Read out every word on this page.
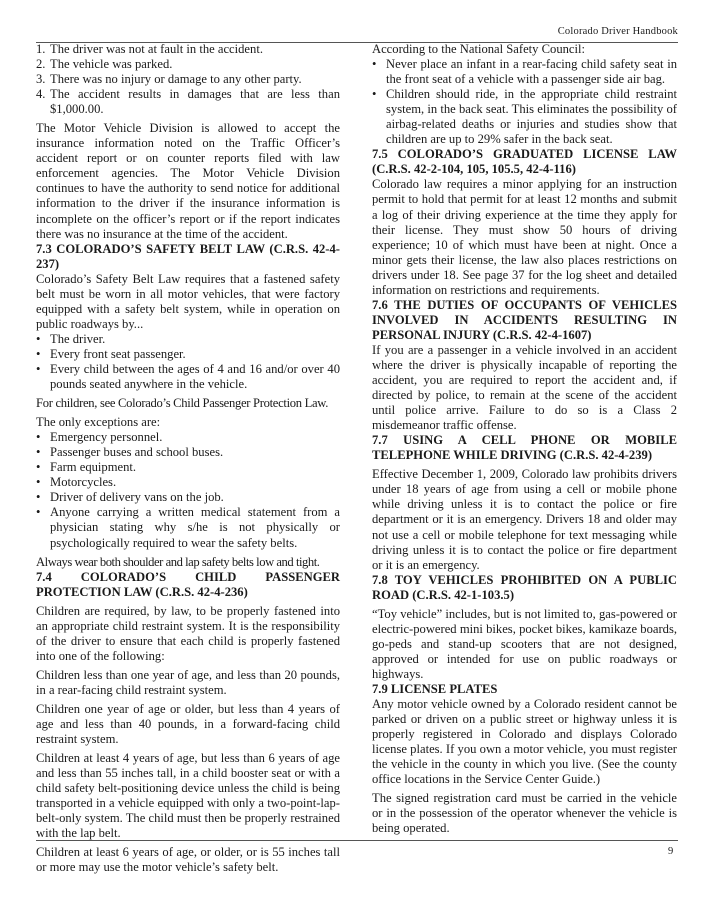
Colorado Driver Handbook
1. The driver was not at fault in the accident.
2. The vehicle was parked.
3. There was no injury or damage to any other party.
4. The accident results in damages that are less than $1,000.00.

The Motor Vehicle Division is allowed to accept the insurance information noted on the Traffic Officer’s accident report or on counter reports filed with law enforcement agencies. The Motor Vehicle Division continues to have the authority to send notice for additional information to the driver if the insurance information is incomplete on the officer’s report or if the report indicates there was no insurance at the time of the accident.

7.3 COLORADO’S SAFETY BELT LAW (C.R.S. 42-4-237)

Colorado’s Safety Belt Law requires that a fastened safety belt must be worn in all motor vehicles, that were factory equipped with a safety belt system, while in operation on public roadways by...

• The driver.
• Every front seat passenger.
• Every child between the ages of 4 and 16 and/or over 40 pounds seated anywhere in the vehicle.

For children, see Colorado’s Child Passenger Protection Law.

The only exceptions are:

• Emergency personnel.
• Passenger buses and school buses.
• Farm equipment.
• Motorcycles.
• Driver of delivery vans on the job.
• Anyone carrying a written medical statement from a physician stating why s/he is not physically or psychologically required to wear the safety belts.

Always wear both shoulder and lap safety belts low and tight.

7.4 COLORADO’S CHILD PASSENGER PROTECTION LAW (C.R.S. 42-4-236)

Children are required, by law, to be properly fastened into an appropriate child restraint system. It is the responsibility of the driver to ensure that each child is properly fastened into one of the following:

Children less than one year of age, and less than 20 pounds, in a rear-facing child restraint system.

Children one year of age or older, but less than 4 years of age and less than 40 pounds, in a forward-facing child restraint system.

Children at least 4 years of age, but less than 6 years of age and less than 55 inches tall, in a child booster seat or with a child safety belt-positioning device unless the child is being transported in a vehicle equipped with only a two-point-lap-belt-only system. The child must then be properly restrained with the lap belt.

Children at least 6 years of age, or older, or is 55 inches tall or more may use the motor vehicle’s safety belt.

According to the National Safety Council:

• Never place an infant in a rear-facing child safety seat in the front seat of a vehicle with a passenger side air bag.
• Children should ride, in the appropriate child restraint system, in the back seat. This eliminates the possibility of airbag-related deaths or injuries and studies show that children are up to 29% safer in the back seat.

7.5 COLORADO’S GRADUATED LICENSE LAW (C.R.S. 42-2-104, 105, 105.5, 42-4-116)

Colorado law requires a minor applying for an instruction permit to hold that permit for at least 12 months and submit a log of their driving experience at the time they apply for their license. They must show 50 hours of driving experience; 10 of which must have been at night. Once a minor gets their license, the law also places restrictions on drivers under 18. See page 37 for the log sheet and detailed information on restrictions and requirements.

7.6 THE DUTIES OF OCCUPANTS OF VEHICLES INVOLVED IN ACCIDENTS RESULTING IN PERSONAL INJURY (C.R.S. 42-4-1607)

If you are a passenger in a vehicle involved in an accident where the driver is physically incapable of reporting the accident, you are required to report the accident and, if directed by police, to remain at the scene of the accident until police arrive. Failure to do so is a Class 2 misdemeanor traffic offense.

7.7 USING A CELL PHONE OR MOBILE TELEPHONE WHILE DRIVING (C.R.S. 42-4-239)

Effective December 1, 2009, Colorado law prohibits drivers under 18 years of age from using a cell or mobile phone while driving unless it is to contact the police or fire department or it is an emergency. Drivers 18 and older may not use a cell or mobile telephone for text messaging while driving unless it is to contact the police or fire department or it is an emergency.

7.8 TOY VEHICLES PROHIBITED ON A PUBLIC ROAD (C.R.S. 42-1-103.5)

“Toy vehicle” includes, but is not limited to, gas-powered or electric-powered mini bikes, pocket bikes, kamikaze boards, go-peds and stand-up scooters that are not designed, approved or intended for use on public roadways or highways.

7.9 LICENSE PLATES

Any motor vehicle owned by a Colorado resident cannot be parked or driven on a public street or highway unless it is properly registered in Colorado and displays Colorado license plates. If you own a motor vehicle, you must register the vehicle in the county in which you live. (See the county office locations in the Service Center Guide.)

The signed registration card must be carried in the vehicle or in the possession of the operator whenever the vehicle is being operated.

9
